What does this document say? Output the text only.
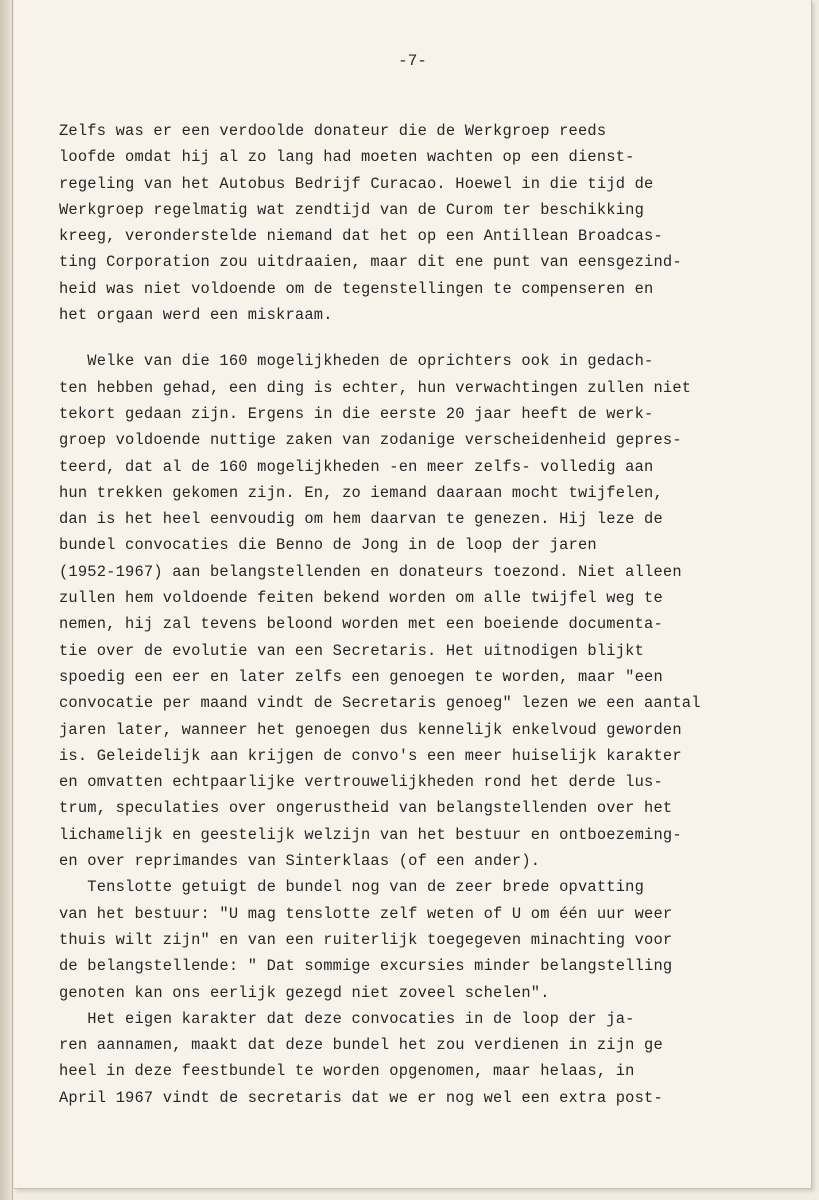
-7-
Zelfs was er een verdoolde donateur die de Werkgroep reeds
loofde omdat hij al zo lang had moeten wachten op een dienst-
regeling van het Autobus Bedrijf Curacao. Hoewel in die tijd de
Werkgroep regelmatig wat zendtijd van de Curom ter beschikking
kreeg, veronderstelde niemand dat het op een Antillean Broadcas-
ting Corporation zou uitdraaien, maar dit ene punt van eensgezind-
heid was niet voldoende om de tegenstellingen te compenseren en
het orgaan werd een miskraam.
Welke van die 160 mogelijkheden de oprichters ook in gedach-
ten hebben gehad, een ding is echter, hun verwachtingen zullen niet
tekort gedaan zijn. Ergens in die eerste 20 jaar heeft de werk-
groep voldoende nuttige zaken van zodanige verscheidenheid gepres-
teerd, dat al de 160 mogelijkheden -en meer zelfs- volledig aan
hun trekken gekomen zijn. En, zo iemand daaraan mocht twijfelen,
dan is het heel eenvoudig om hem daarvan te genezen. Hij leze de
bundel convocaties die Benno de Jong in de loop der jaren
(1952-1967) aan belangstellenden en donateurs toezond. Niet alleen
zullen hem voldoende feiten bekend worden om alle twijfel weg te
nemen, hij zal tevens beloond worden met een boeiende documenta-
tie over de evolutie van een Secretaris. Het uitnodigen blijkt
spoedig een eer en later zelfs een genoegen te worden, maar "een
convocatie per maand vindt de Secretaris genoeg" lezen we een aantal
jaren later, wanneer het genoegen dus kennelijk enkelvoud geworden
is. Geleidelijk aan krijgen de convo's een meer huiselijk karakter
en omvatten echtpaarlijke vertrouwelijkheden rond het derde lus-
trum, speculaties over ongerustheid van belangstellenden over het
lichamelijk en geestelijk welzijn van het bestuur en ontboezeming-
en over reprimandes van Sinterklaas (of een ander).
Tenslotte getuigt de bundel nog van de zeer brede opvatting
van het bestuur: "U mag tenslotte zelf weten of U om één uur weer
thuis wilt zijn" en van een ruiterlijk toegegeven minachting voor
de belangstellende: " Dat sommige excursies minder belangstelling
genoten kan ons eerlijk gezegd niet zoveel schelen".
Het eigen karakter dat deze convocaties in de loop der ja-
ren aannamen, maakt dat deze bundel het zou verdienen in zijn ge
heel in deze feestbundel te worden opgenomen, maar helaas, in
April 1967 vindt de secretaris dat we er nog wel een extra post-
